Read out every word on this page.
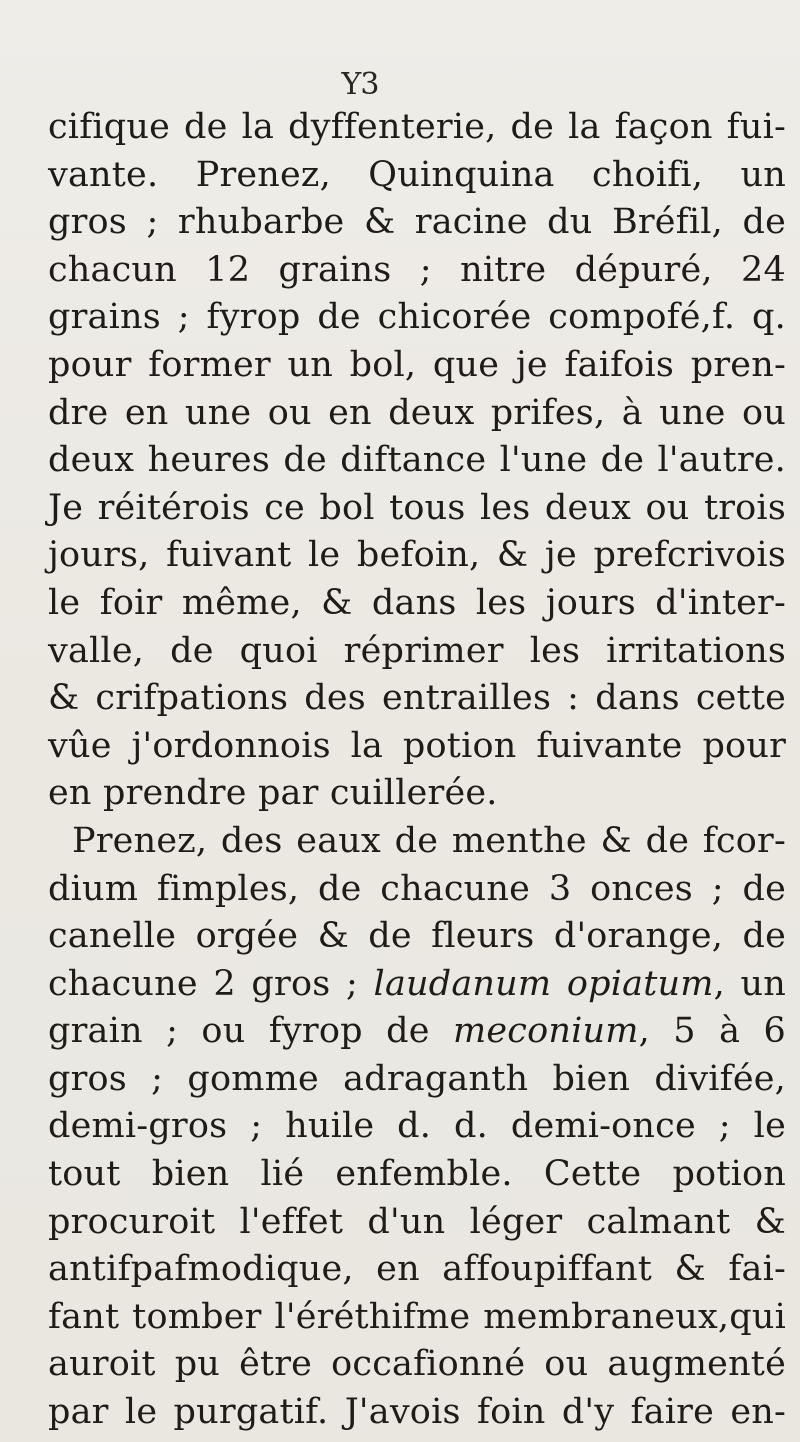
Y3
cifique de la dyffenterie, de la façon fui-
vante. Prenez, Quinquina choifi, un
gros ; rhubarbe & racine du Bréfil, de
chacun 12 grains ; nitre dépuré, 24
grains ; fyrop de chicorée compofé,f. q.
pour former un bol, que je faifois pren-
dre en une ou en deux prifes, à une ou
deux heures de diftance l'une de l'autre.
Je réitérois ce bol tous les deux ou trois
jours, fuivant le befoin, & je prefcrivois
le foir même, & dans les jours d'inter-
valle, de quoi réprimer les irritations
& crifpations des entrailles : dans cette
vûe j'ordonnois la potion fuivante pour
en prendre par cuillerée.
Prenez, des eaux de menthe & de fcor-
dium fimples, de chacune 3 onces ; de
canelle orgée & de fleurs d'orange, de
chacune 2 gros ; laudanum opiatum, un
grain ; ou fyrop de meconium, 5 à 6
gros ; gomme adraganth bien divifée,
demi-gros ; huile d. d. demi-once ; le
tout bien lié enfemble. Cette potion
procuroit l'effet d'un léger calmant &
antifpafmodique, en affoupiffant & fai-
fant tomber l'éréthifme membraneux,qui
auroit pu être occafionné ou augmenté
par le purgatif. J'avois foin d'y faire en-
